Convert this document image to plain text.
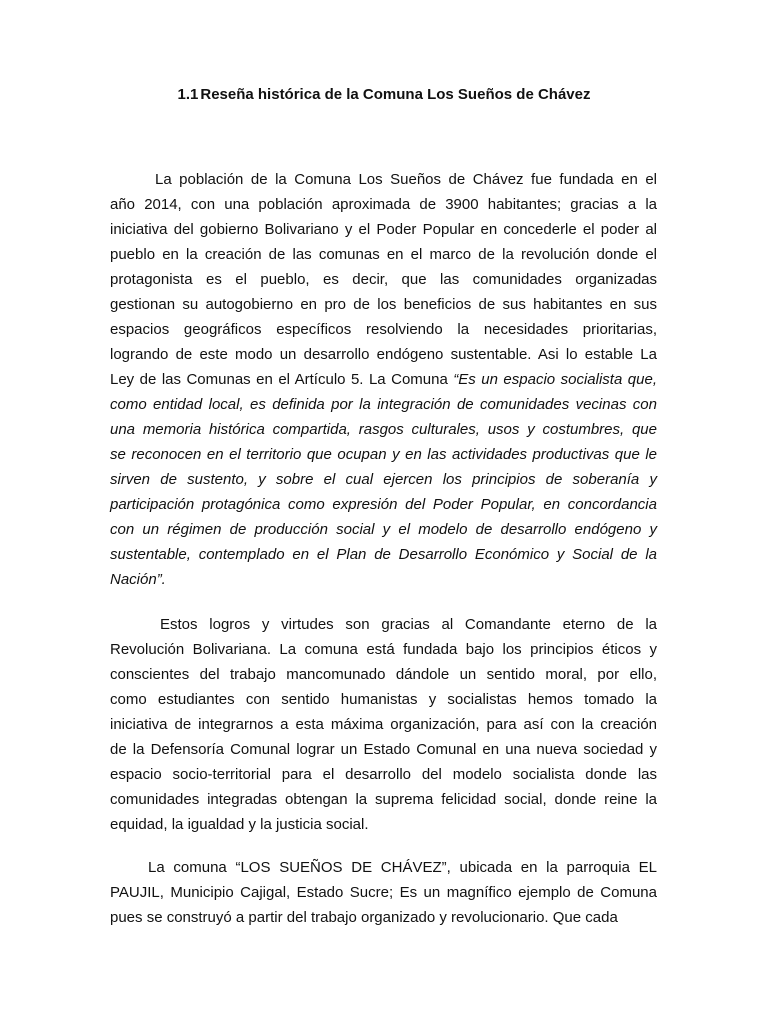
1.1 Reseña histórica de la Comuna Los Sueños de Chávez
La población de la Comuna Los Sueños de Chávez fue fundada en el
año 2014, con una población aproximada de 3900 habitantes; gracias a la
iniciativa del gobierno Bolivariano y el Poder Popular en concederle el poder al
pueblo en la creación de las comunas en el marco de la revolución donde el
protagonista es el pueblo, es decir, que las comunidades organizadas
gestionan su autogobierno en pro de los beneficios de sus habitantes en sus
espacios geográficos específicos resolviendo la necesidades prioritarias,
logrando de este modo un desarrollo endógeno sustentable. Asi lo estable La
Ley de las Comunas en el Artículo 5. La Comuna “Es un espacio socialista que,
como entidad local, es definida por la integración de comunidades vecinas con
una memoria histórica compartida, rasgos culturales, usos y costumbres, que
se reconocen en el territorio que ocupan y en las actividades productivas que le
sirven de sustento, y sobre el cual ejercen los principios de soberanía y
participación protagónica como expresión del Poder Popular, en concordancia
con un régimen de producción social y el modelo de desarrollo endógeno y
sustentable, contemplado en el Plan de Desarrollo Económico y Social de la
Nación”.
Estos logros y virtudes son gracias al Comandante eterno de la
Revolución Bolivariana. La comuna está fundada bajo los principios éticos y
conscientes del trabajo mancomunado dándole un sentido moral, por ello,
como estudiantes con sentido humanistas y socialistas hemos tomado la
iniciativa de integrarnos a esta máxima organización, para así con la creación
de la Defensoría Comunal lograr un Estado Comunal en una nueva sociedad y
espacio socio-territorial para el desarrollo del modelo socialista donde las
comunidades integradas obtengan la suprema felicidad social, donde reine la
equidad, la igualdad y la justicia social.
La comuna “LOS SUEÑOS DE CHÁVEZ”, ubicada en la parroquia EL
PAUJIL, Municipio Cajigal, Estado Sucre; Es un magnífico ejemplo de Comuna
pues se construyó a partir del trabajo organizado y revolucionario. Que cada
